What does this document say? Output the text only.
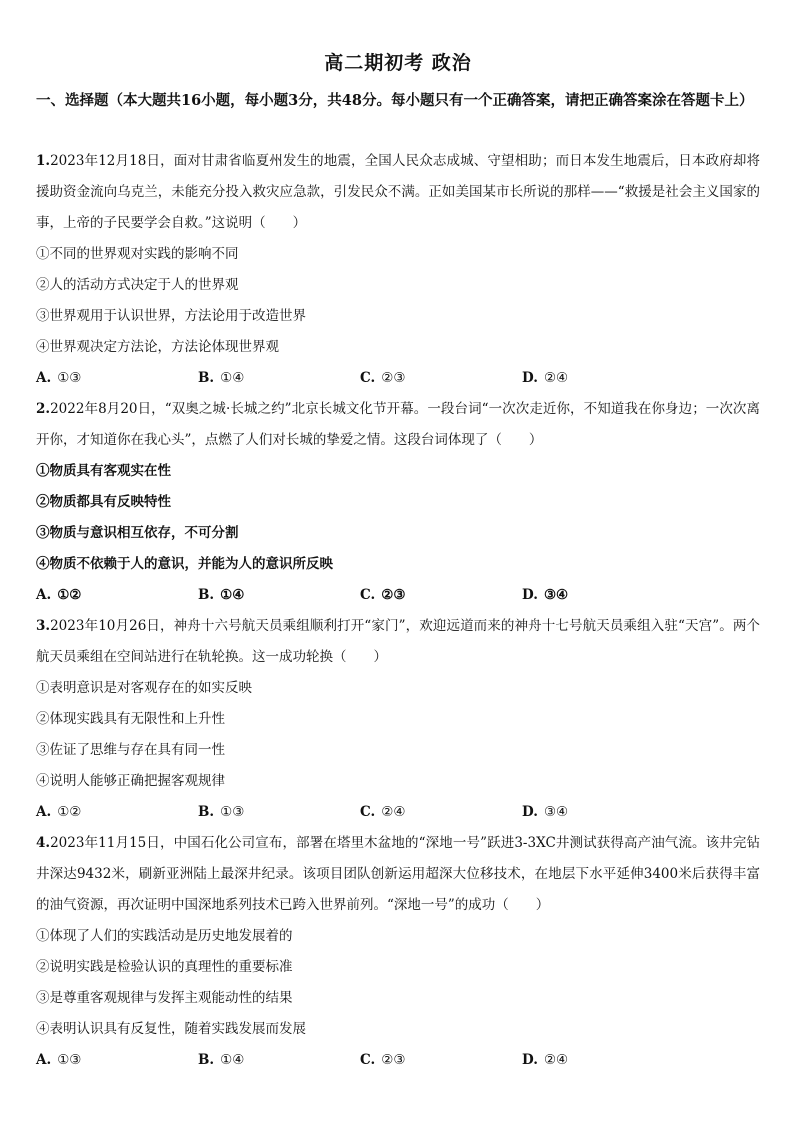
高二期初考 政治
一、选择题（本大题共16小题，每小题3分，共48分。每小题只有一个正确答案，请把正确答案涂在答题卡上）

1.2023年12月18日，面对甘肃省临夏州发生的地震，全国人民众志成城、守望相助；而日本发生地震后，日本政府却将援助资金流向乌克兰，未能充分投入救灾应急款，引发民众不满。正如美国某市长所说的那样——“救援是社会主义国家的事，上帝的子民要学会自救。”这说明（　　）

①不同的世界观对实践的影响不同

②人的活动方式决定于人的世界观

③世界观用于认识世界，方法论用于改造世界

④世界观决定方法论，方法论体现世界观

A. ①③	B. ①④	C. ②③	D. ②④

2.2022年8月20日，“双奥之城·长城之约”北京长城文化节开幕。一段台词“一次次走近你，不知道我在你身边；一次次离开你，才知道你在我心头”，点燃了人们对长城的挚爱之情。这段台词体现了（　　）

①物质具有客观实在性

②物质都具有反映特性

③物质与意识相互依存，不可分割

④物质不依赖于人的意识，并能为人的意识所反映

A. ①②	B. ①④	C. ②③	D. ③④

3.2023年10月26日，神舟十六号航天员乘组顺利打开“家门”，欢迎远道而来的神舟十七号航天员乘组入驻“天宫”。两个航天员乘组在空间站进行在轨轮换。这一成功轮换（　　）

①表明意识是对客观存在的如实反映

②体现实践具有无限性和上升性

③佐证了思维与存在具有同一性

④说明人能够正确把握客观规律

A. ①②	B. ①③	C. ②④	D. ③④

4.2023年11月15日，中国石化公司宣布，部署在塔里木盆地的“深地一号”跃进3-3XC井测试获得高产油气流。该井完钻井深达9432米，刷新亚洲陆上最深井纪录。该项目团队创新运用超深大位移技术，在地层下水平延伸3400米后获得丰富的油气资源，再次证明中国深地系列技术已跨入世界前列。“深地一号”的成功（　　）

①体现了人们的实践活动是历史地发展着的

②说明实践是检验认识的真理性的重要标准

③是尊重客观规律与发挥主观能动性的结果

④表明认识具有反复性，随着实践发展而发展

A. ①③	B. ①④	C. ②③	D. ②④
